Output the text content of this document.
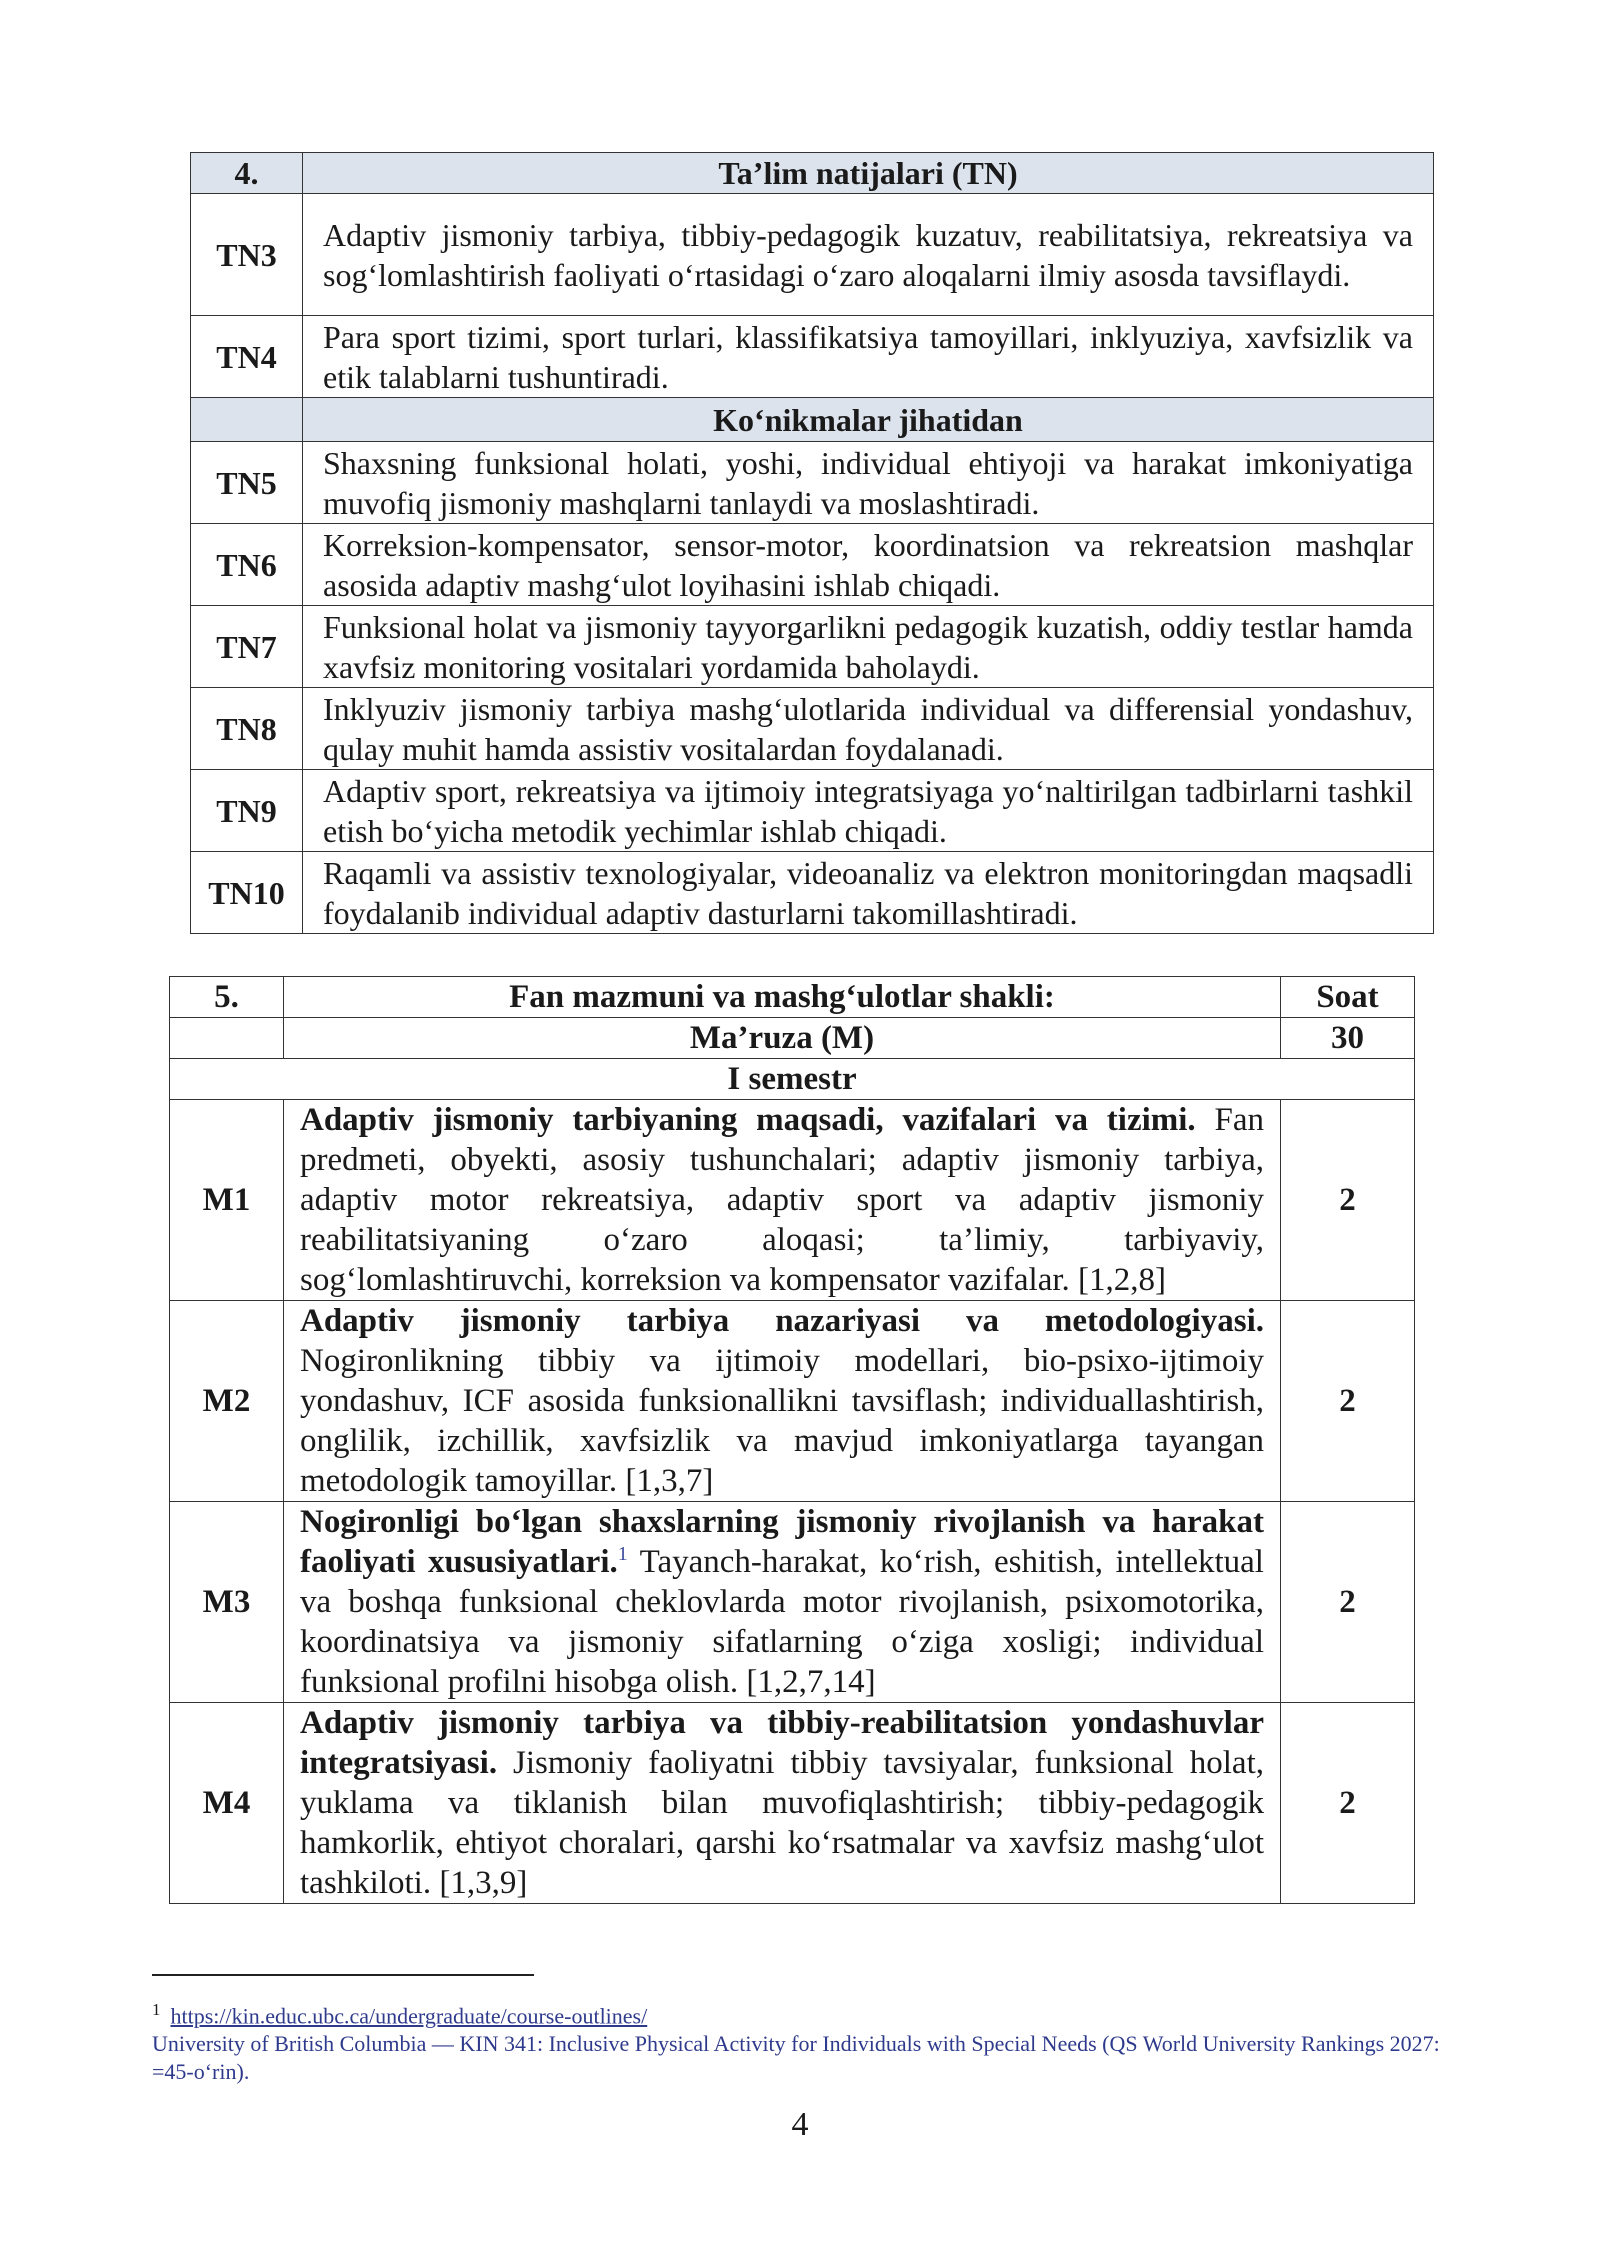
4.	Ta’lim natijalari (TN)
TN3	Adaptiv jismoniy tarbiya, tibbiy-pedagogik kuzatuv, reabilitatsiya, rekreatsiya va sog‘lomlashtirish faoliyati o‘rtasidagi o‘zaro aloqalarni ilmiy asosda tavsiflaydi.
TN4	Para sport tizimi, sport turlari, klassifikatsiya tamoyillari, inklyuziya, xavfsizlik va etik talablarni tushuntiradi.
	Ko‘nikmalar jihatidan
TN5	Shaxsning funksional holati, yoshi, individual ehtiyoji va harakat imkoniyatiga muvofiq jismoniy mashqlarni tanlaydi va moslashtiradi.
TN6	Korreksion-kompensator, sensor-motor, koordinatsion va rekreatsion mashqlar asosida adaptiv mashg‘ulot loyihasini ishlab chiqadi.
TN7	Funksional holat va jismoniy tayyorgarlikni pedagogik kuzatish, oddiy testlar hamda xavfsiz monitoring vositalari yordamida baholaydi.
TN8	Inklyuziv jismoniy tarbiya mashg‘ulotlarida individual va differensial yondashuv, qulay muhit hamda assistiv vositalardan foydalanadi.
TN9	Adaptiv sport, rekreatsiya va ijtimoiy integratsiyaga yo‘naltirilgan tadbirlarni tashkil etish bo‘yicha metodik yechimlar ishlab chiqadi.
TN10	Raqamli va assistiv texnologiyalar, videoanaliz va elektron monitoringdan maqsadli foydalanib individual adaptiv dasturlarni takomillashtiradi.
5.	Fan mazmuni va mashg‘ulotlar shakli:	Soat
	Ma’ruza (M)	30
I semestr		
M1	Adaptiv jismoniy tarbiyaning maqsadi, vazifalari va tizimi. Fan predmeti, obyekti, asosiy tushunchalari; adaptiv jismoniy tarbiya, adaptiv motor rekreatsiya, adaptiv sport va adaptiv jismoniy reabilitatsiyaning o‘zaro aloqasi; ta’limiy, tarbiyaviy, sog‘lomlashtiruvchi, korreksion va kompensator vazifalar. [1,2,8]	2
M2	Adaptiv jismoniy tarbiya nazariyasi va metodologiyasi. Nogironlikning tibbiy va ijtimoiy modellari, bio-psixo-ijtimoiy yondashuv, ICF asosida funksionallikni tavsiflash; individuallashtirish, onglilik, izchillik, xavfsizlik va mavjud imkoniyatlarga tayangan metodologik tamoyillar. [1,3,7]	2
M3	Nogironligi bo‘lgan shaxslarning jismoniy rivojlanish va harakat faoliyati xususiyatlari.$^1$ Tayanch-harakat, ko‘rish, eshitish, intellektual va boshqa funksional cheklovlarda motor rivojlanish, psixomotorika, koordinatsiya va jismoniy sifatlarning o‘ziga xosligi; individual funksional profilni hisobga olish. [1,2,7,14]	2
M4	Adaptiv jismoniy tarbiya va tibbiy-reabilitatsion yondashuvlar integratsiyasi. Jismoniy faoliyatni tibbiy tavsiyalar, funksional holat, yuklama va tiklanish bilan muvofiqlashtirish; tibbiy-pedagogik hamkorlik, ehtiyot choralari, qarshi ko‘rsatmalar va xavfsiz mashg‘ulot tashkiloti. [1,3,9]	2
$^1$ https://kin.educ.ubc.ca/undergraduate/course-outlines/
University of British Columbia — KIN 341: Inclusive Physical Activity for Individuals with Special Needs (QS World University Rankings 2027: =45-o‘rin).
4
